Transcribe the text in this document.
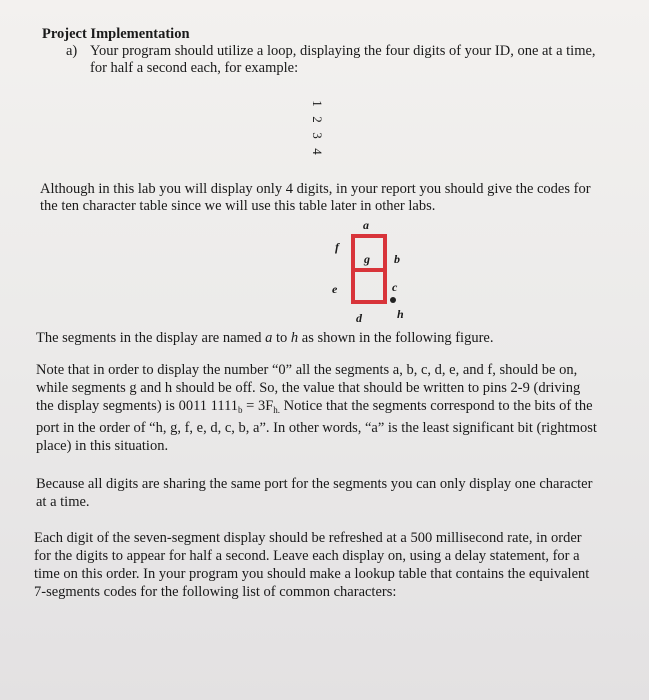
Project Implementation
a) Your program should utilize a loop, displaying the four digits of your ID, one at a time,
for half a second each, for example:
1
2
3
4
Although in this lab you will display only 4 digits, in your report you should give the codes for
the ten character table since we will use this table later in other labs.
a
b
c
d
e
f
g
h
The segments in the display are named a to h as shown in the following figure.
Note that in order to display the number “0” all the segments a, b, c, d, e, and f, should be on,
while segments g and h should be off. So, the value that should be written to pins 2-9 (driving
the display segments) is 0011 $1111_b = 3F_{h.}$ Notice that the segments correspond to the bits of the
port in the order of “h, g, f, e, d, c, b, a”. In other words, “a” is the least significant bit (rightmost
place) in this situation.
Because all digits are sharing the same port for the segments you can only display one character
at a time.
Each digit of the seven-segment display should be refreshed at a 500 millisecond rate, in order
for the digits to appear for half a second. Leave each display on, using a delay statement, for a
time on this order. In your program you should make a lookup table that contains the equivalent
7-segments codes for the following list of common characters:
